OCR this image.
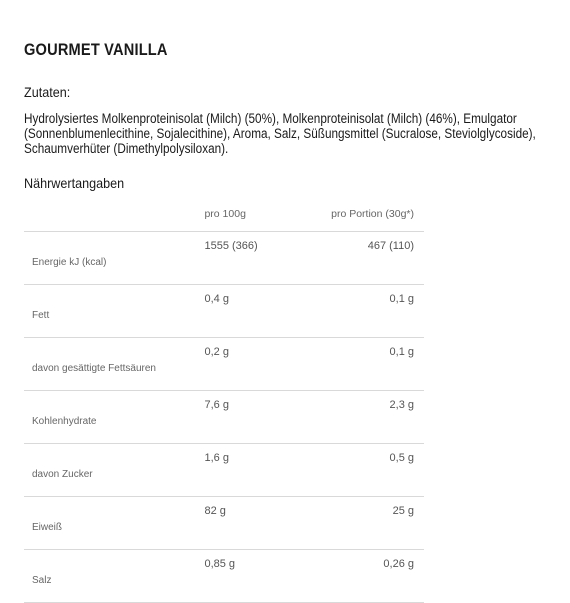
GOURMET VANILLA
Zutaten:
Hydrolysiertes Molkenproteinisolat (Milch) (50%), Molkenproteinisolat (Milch) (46%), Emulgator (Sonnenblumenlecithine, Sojalecithine), Aroma, Salz, Süßungsmittel (Sucralose, Steviolglycoside), Schaumverhüter (Dimethylpolysiloxan).
Nährwertangaben
	pro 100g	pro Portion (30g*)
Energie kJ (kcal)	1555 (366)	467 (110)
Fett	0,4 g	0,1 g
davon gesättigte Fettsäuren	0,2 g	0,1 g
Kohlenhydrate	7,6 g	2,3 g
davon Zucker	1,6 g	0,5 g
Eiweiß	82 g	25 g
Salz	0,85 g	0,26 g
